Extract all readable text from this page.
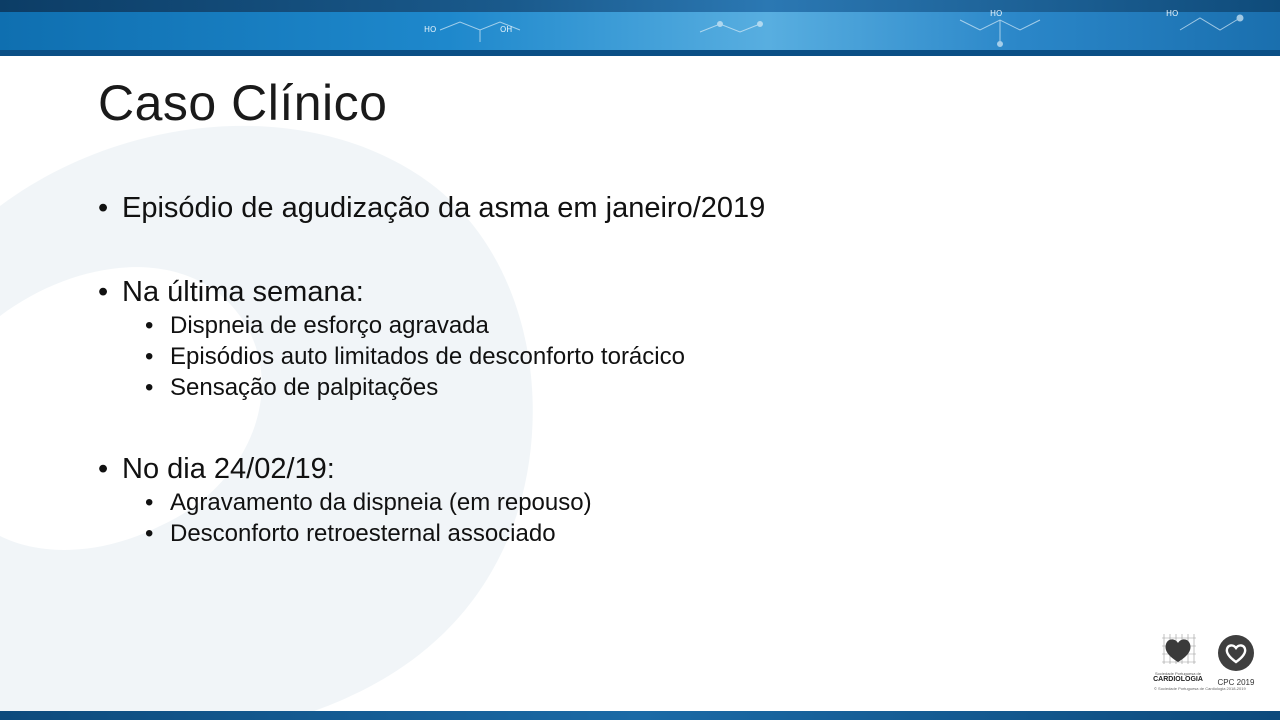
HO	OH
HO	HO
Caso Clínico
• Episódio de agudização da asma em janeiro/2019
• Na última semana:
• Dispneia de esforço agravada
• Episódios auto limitados de desconforto torácico
• Sensação de palpitações
• No dia 24/02/19:
• Agravamento da dispneia (em repouso)
• Desconforto retroesternal associado
Sociedade Portuguesa de
CARDIOLOGIA	CPC 2019
© Sociedade Portuguesa de Cardiologia 2018-2019
